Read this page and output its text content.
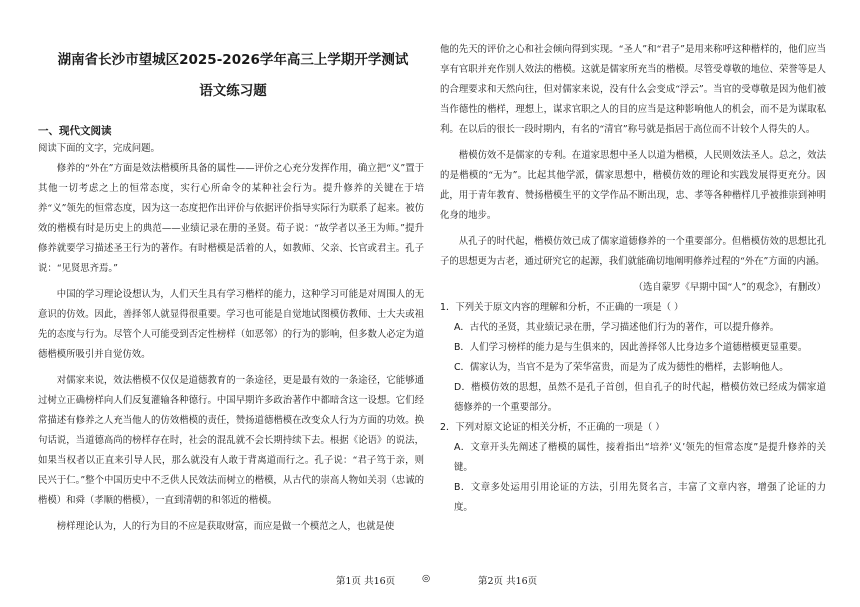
湖南省长沙市望城区2025-2026学年高三上学期开学测试
语文练习题
一、现代文阅读

阅读下面的文字，完成问题。

修养的“外在”方面是效法楷模所具备的属性——评价之心充分发挥作用，确立把“义”置于其他一切考虑之上的恒常态度，实行心所命令的某种社会行为。提升修养的关键在于培养“义”领先的恒常态度，因为这一态度把作出评价与依据评价指导实际行为联系了起来。被仿效的楷模有时是历史上的典范——业绩记录在册的圣贤。荀子说：“故学者以圣王为师。”提升修养就要学习描述圣王行为的著作。有时楷模是活着的人，如教师、父亲、长官或君主。孔子说：“见贤思齐焉。”

中国的学习理论设想认为，人们天生具有学习楷样的能力，这种学习可能是对周围人的无意识的仿效。因此，善择邻人就显得很重要。学习也可能是自觉地试图模仿教师、士大夫或祖先的态度与行为。尽管个人可能受到否定性榜样（如恶邻）的行为的影响，但多数人必定为道德楷模所吸引并自觉仿效。

对儒家来说，效法楷模不仅仅是道德教育的一条途径，更是最有效的一条途径，它能够通过树立正确榜样向人们反复灌输各种德行。中国早期许多政治著作中都暗含这一设想。它们经常描述有修养之人充当他人的仿效楷模的责任，赞扬道德楷模在改变众人行为方面的功效。换句话说，当道德高尚的榜样存在时，社会的混乱就不会长期持续下去。根据《论语》的说法，如果当权者以正直来引导人民，那么就没有人敢于背离道而行之。孔子说：“君子笃于亲，则民兴于仁。”整个中国历史中不乏供人民效法而树立的楷模，从古代的崇高人物如关羽（忠诚的楷模）和舜（孝顺的楷模），一直到清朝的和邻近的楷模。

榜样理论认为，人的行为目的不应是获取财富，而应是做一个模范之人，也就是使

第1页 共16页	◎

他的先天的评价之心和社会倾向得到实现。“圣人”和“君子”是用来称呼这种楷样的，他们应当享有官职并充作别人效法的楷模。这就是儒家所充当的楷模。尽管受尊敬的地位、荣誉等是人的合理要求和天然向往，但对儒家来说，没有什么会变成“浮云”。当官的受尊敬是因为他们被当作德性的楷样，理想上，谋求官职之人的目的应当是这种影响他人的机会，而不是为谋取私利。在以后的很长一段时期内，有名的“清官”称号就是指居于高位而不计较个人得失的人。

楷模仿效不是儒家的专利。在道家思想中圣人以道为楷模，人民则效法圣人。总之，效法的是楷模的“无为”。比起其他学派，儒家思想中，楷模仿效的理论和实践发展得更充分。因此，用于青年教育、赞扬楷模生平的文学作品不断出现，忠、孝等各种楷样几乎被推崇到神明化身的地步。

从孔子的时代起，楷模仿效已成了儒家道德修养的一个重要部分。但楷模仿效的思想比孔子的思想更为古老，通过研究它的起源，我们就能确切地阐明修养过程的“外在”方面的内涵。

（选自蒙罗《早期中国“人”的观念》，有删改）

1．下列关于原文内容的理解和分析，不正确的一项是（ ）

A．古代的圣贤，其业绩记录在册，学习描述他们行为的著作，可以提升修养。

B．人们学习榜样的能力是与生俱来的，因此善择邻人比身边多个道德楷模更显重要。

C．儒家认为，当官不是为了荣华富贵，而是为了成为德性的楷样，去影响他人。

D．楷模仿效的思想，虽然不是孔子首创，但自孔子的时代起，楷模仿效已经成为儒家道德修养的一个重要部分。

2．下列对原文论证的相关分析，不正确的一项是（ ）

A．文章开头先阐述了楷模的属性，接着指出“培养‘义’领先的恒常态度”是提升修养的关键。

B．文章多处运用引用论证的方法，引用先贤名言，丰富了文章内容，增强了论证的力度。

第2页 共16页
